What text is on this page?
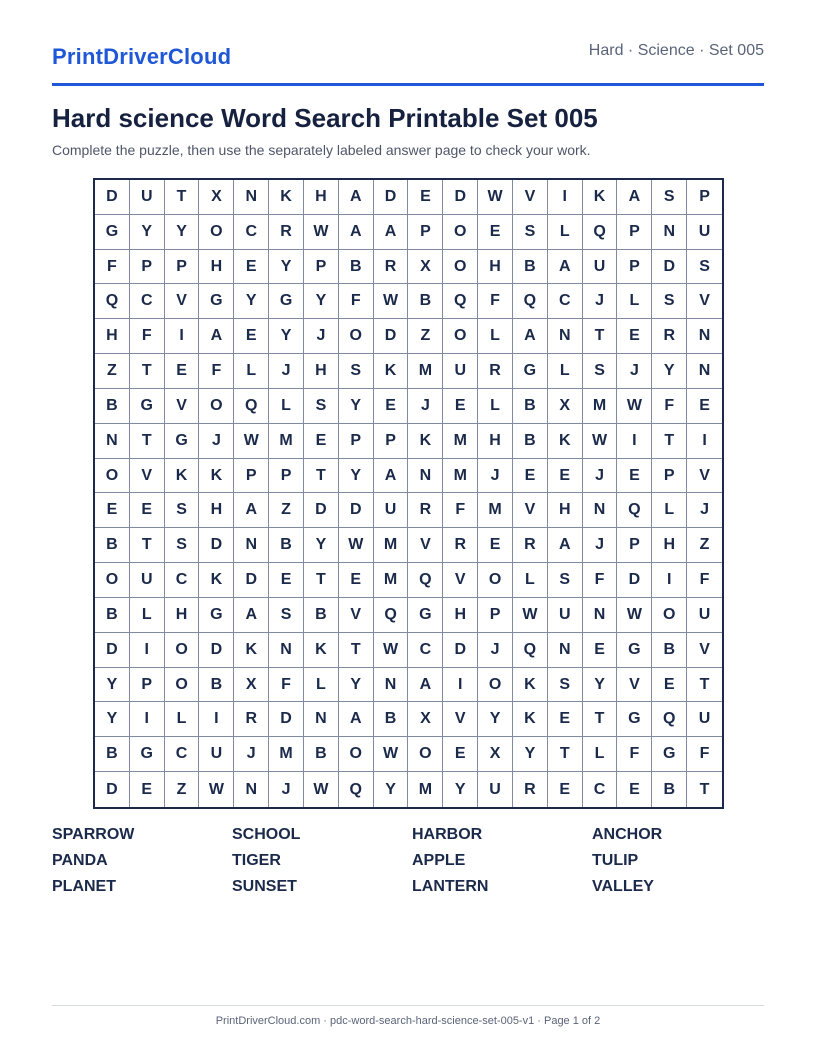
PrintDriverCloud	Hard · Science · Set 005
Hard science Word Search Printable Set 005
Complete the puzzle, then use the separately labeled answer page to check your work.
D	U	T	X	N	K	H	A	D	E	D	W	V	I	K	A	S	P
G	Y	Y	O	C	R	W	A	A	P	O	E	S	L	Q	P	N	U
F	P	P	H	E	Y	P	B	R	X	O	H	B	A	U	P	D	S
Q	C	V	G	Y	G	Y	F	W	B	Q	F	Q	C	J	L	S	V
H	F	I	A	E	Y	J	O	D	Z	O	L	A	N	T	E	R	N
Z	T	E	F	L	J	H	S	K	M	U	R	G	L	S	J	Y	N
B	G	V	O	Q	L	S	Y	E	J	E	L	B	X	M	W	F	E
N	T	G	J	W	M	E	P	P	K	M	H	B	K	W	I	T	I
O	V	K	K	P	P	T	Y	A	N	M	J	E	E	J	E	P	V
E	E	S	H	A	Z	D	D	U	R	F	M	V	H	N	Q	L	J
B	T	S	D	N	B	Y	W	M	V	R	E	R	A	J	P	H	Z
O	U	C	K	D	E	T	E	M	Q	V	O	L	S	F	D	I	F
B	L	H	G	A	S	B	V	Q	G	H	P	W	U	N	W	O	U
D	I	O	D	K	N	K	T	W	C	D	J	Q	N	E	G	B	V
Y	P	O	B	X	F	L	Y	N	A	I	O	K	S	Y	V	E	T
Y	I	L	I	R	D	N	A	B	X	V	Y	K	E	T	G	Q	U
B	G	C	U	J	M	B	O	W	O	E	X	Y	T	L	F	G	F
D	E	Z	W	N	J	W	Q	Y	M	Y	U	R	E	C	E	B	T
SPARROW	SCHOOL	HARBOR	ANCHOR
PANDA	TIGER	APPLE	TULIP
PLANET	SUNSET	LANTERN	VALLEY
PrintDriverCloud.com · pdc-word-search-hard-science-set-005-v1 · Page 1 of 2
